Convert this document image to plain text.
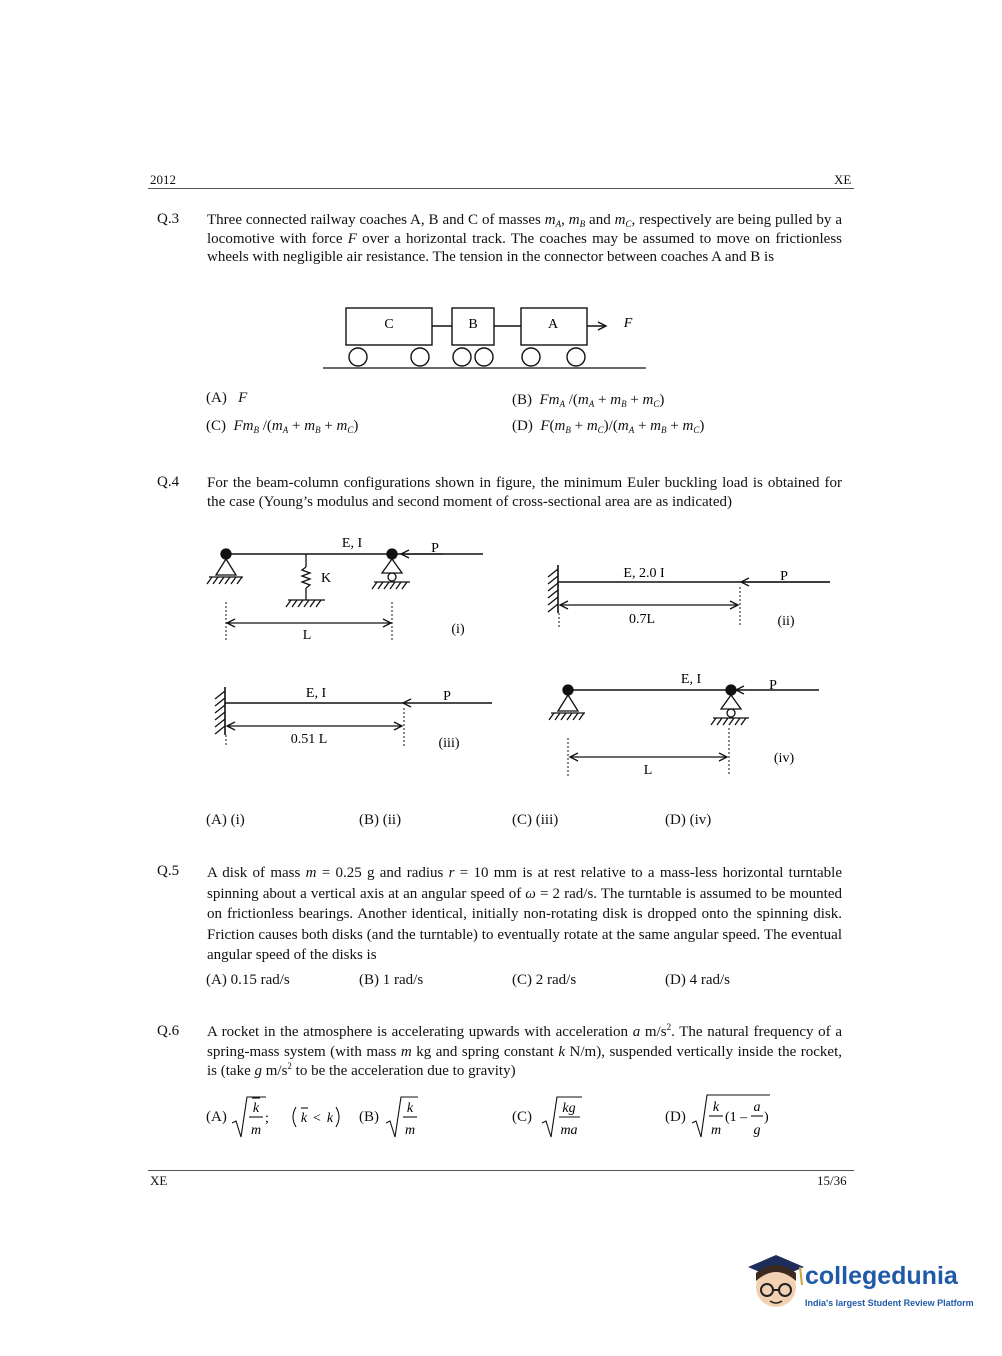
2012	XE
Q.3 Three connected railway coaches A, B and C of masses $m_A$, $m_B$ and $m_C$, respectively are being pulled by a locomotive with force F over a horizontal track. The coaches may be assumed to move on frictionless wheels with negligible air resistance. The tension in the connector between coaches A and B is
C	B	A	F
(A) F	(B) $Fm_A$ $/(m_A + m_B + m_C)$
(C) $Fm_B$ $/(m_A + m_B + m_C)$	(D) $F(m_B + m_C)/(m_A + m_B + m_C)$
Q.4 For the beam-column configurations shown in figure, the minimum Euler buckling load is obtained for the case (Young’s modulus and second moment of cross-sectional area are as indicated)
E, I	P
K
L	(i)
E, 2.0 I	P
0.7L	(ii)
E, I	P
0.51 L	(iii)
E, I	P
L
(iv)
(A) (i)	(B) (ii)	(C) (iii)	(D) (iv)
Q.5 A disk of mass m = 0.25 g and radius r = 10 mm is at rest relative to a mass-less horizontal turntable spinning about a vertical axis at an angular speed of ω = 2 rad/s. The turntable is assumed to be mounted on frictionless bearings. Another identical, initially non-rotating disk is dropped onto the spinning disk. Friction causes both disks (and the turntable) to eventually rotate at the same angular speed. The eventual angular speed of the disks is
(A) 0.15 rad/s	(B) 1 rad/s	(C) 2 rad/s	(D) 4 rad/s
Q.6 A rocket in the atmosphere is accelerating upwards with acceleration a $m/s^2$. The natural frequency of a spring-mass system (with mass m kg and spring constant k N/m), suspended vertically inside the rocket, is (take g $m/s^2$ to be the acceleration due to gravity)
(A)
k
m
; k < k (B)
k
m
(C)
kg
ma
(D)
k
m
(1 –
a
g
)
XE	15/36
collegedunia
India's largest Student Review Platform
